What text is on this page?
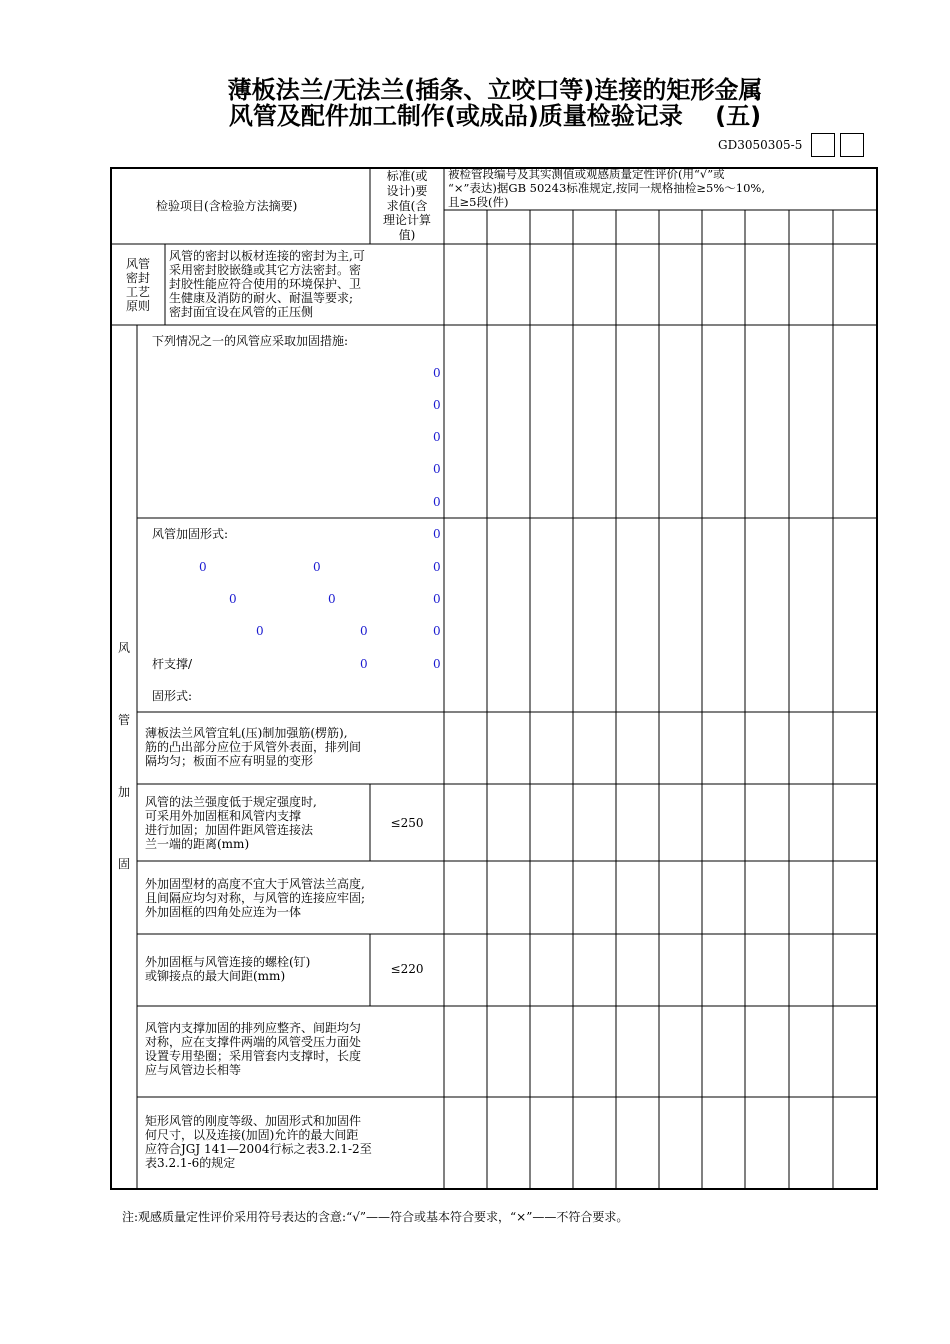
薄板法兰/无法兰(插条、立咬口等)连接的矩形金属
风管及配件加工制作(或成品)质量检验记录　 (五)
GD3050305-5
检验项目(含检验方法摘要)
标准(或
设计)要
求值(含
理论计算
值)
被检管段编号及其实测值或观感质量定性评价(用“√”或
“×”表达)据GB 50243标准规定,按同一规格抽检≥5%～10%,
且≥5段(件)
风管
密封
工艺
原则
风管的密封以板材连接的密封为主,可
采用密封胶嵌缝或其它方法密封。密
封胶性能应符合使用的环境保护、卫
生健康及消防的耐火、耐温等要求;
密封面宜设在风管的正压侧
风
管
加
固
下列情况之一的风管应采取加固措施:
0
0
0
0
0
风管加固形式:	0
0	0	0
0	0	0
0	0	0
杆支撑/	0	0
固形式:
薄板法兰风管宜轧(压)制加强筋(楞筋),
筋的凸出部分应位于风管外表面，排列间
隔均匀；板面不应有明显的变形
风管的法兰强度低于规定强度时,
可采用外加固框和风管内支撑
进行加固；加固件距风管连接法
兰一端的距离(mm)
≤250
外加固型材的高度不宜大于风管法兰高度,
且间隔应均匀对称，与风管的连接应牢固;
外加固框的四角处应连为一体
外加固框与风管连接的螺栓(钉)
或铆接点的最大间距(mm)	≤220
风管内支撑加固的排列应整齐、间距均匀
对称，应在支撑件两端的风管受压力面处
设置专用垫圈；采用管套内支撑时，长度
应与风管边长相等
矩形风管的刚度等级、加固形式和加固件
何尺寸，以及连接(加固)允许的最大间距
应符合JGJ 141—2004行标之表3.2.1-2至
表3.2.1-6的规定
注:观感质量定性评价采用符号表达的含意:“√”——符合或基本符合要求，“×”——不符合要求。
